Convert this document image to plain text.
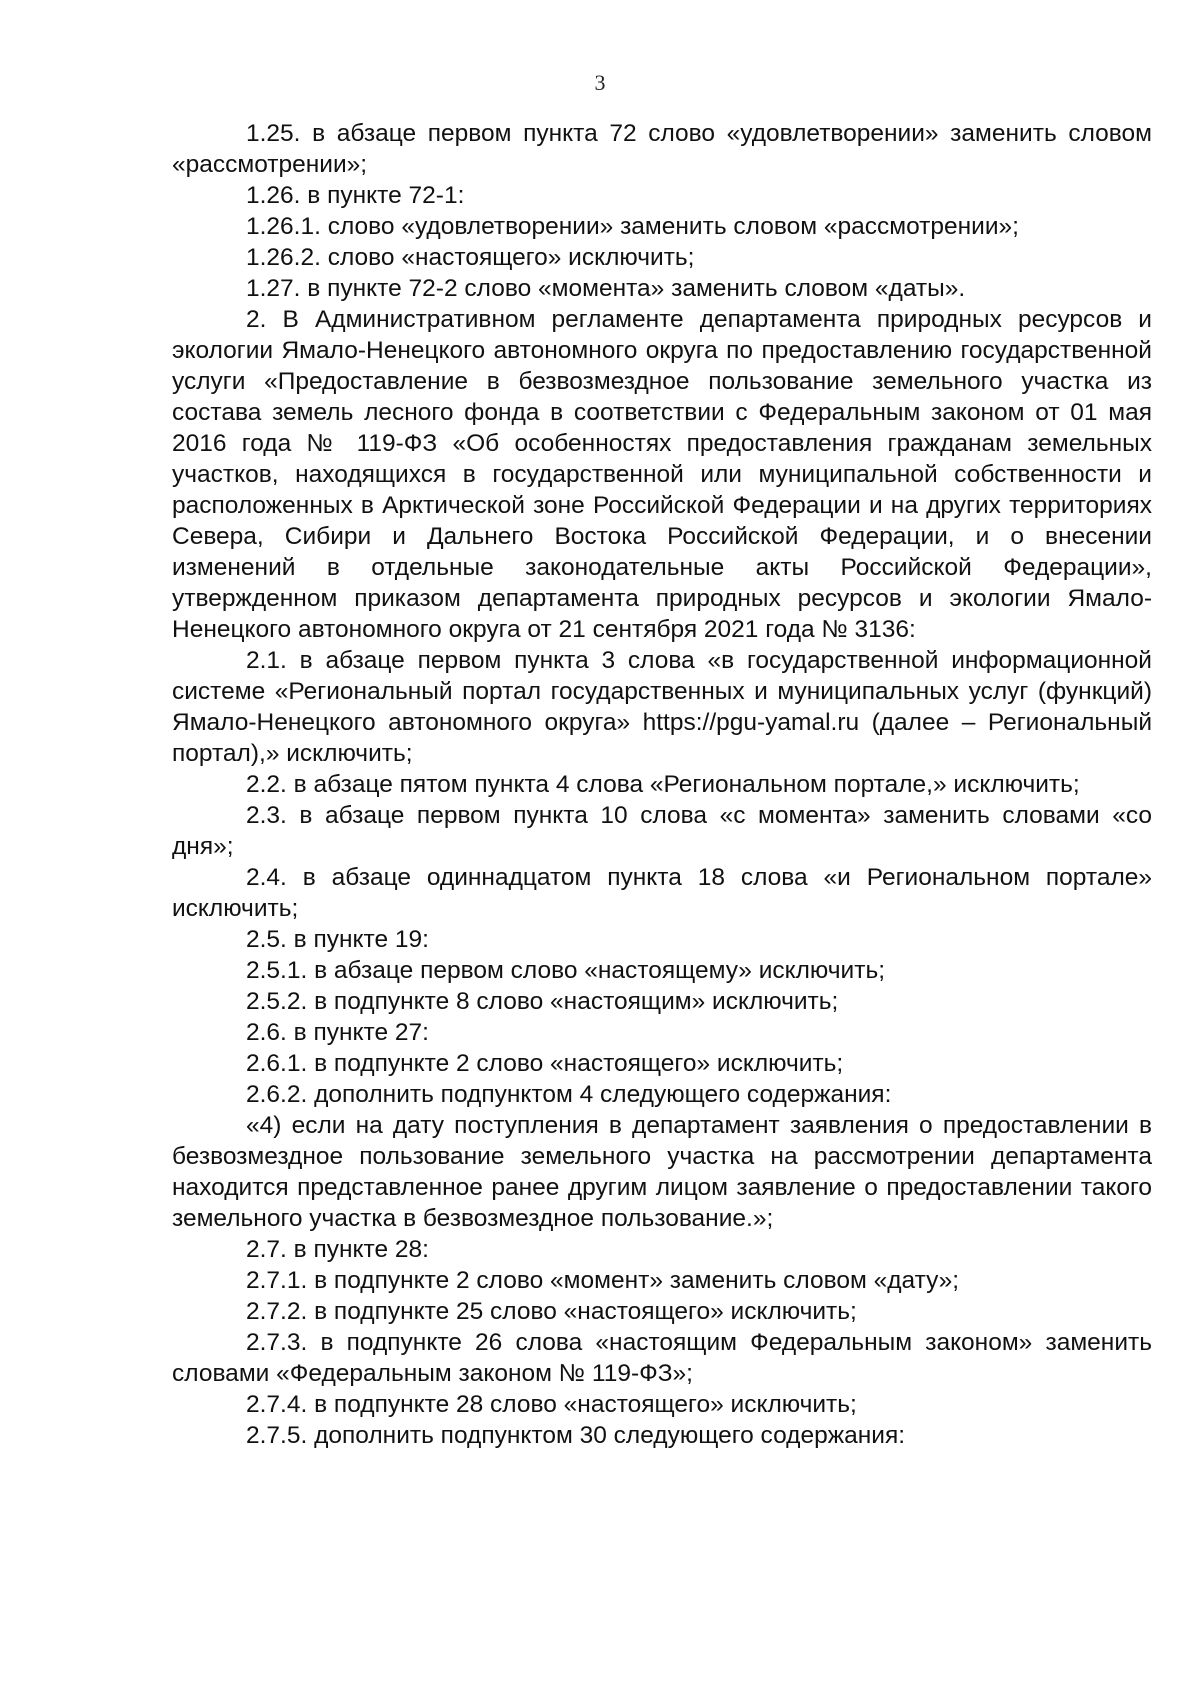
3

1.25. в абзаце первом пункта 72 слово «удовлетворении» заменить словом «рассмотрении»;

1.26. в пункте 72-1:

1.26.1. слово «удовлетворении» заменить словом «рассмотрении»;

1.26.2. слово «настоящего» исключить;

1.27. в пункте 72-2 слово «момента» заменить словом «даты».

2. В Административном регламенте департамента природных ресурсов и экологии Ямало-Ненецкого автономного округа по предоставлению государственной услуги «Предоставление в безвозмездное пользование земельного участка из состава земель лесного фонда в соответствии с Федеральным законом от 01 мая 2016 года № 119-ФЗ «Об особенностях предоставления гражданам земельных участков, находящихся в государственной или муниципальной собственности и расположенных в Арктической зоне Российской Федерации и на других территориях Севера, Сибири и Дальнего Востока Российской Федерации, и о внесении изменений в отдельные законодательные акты Российской Федерации», утвержденном приказом департамента природных ресурсов и экологии Ямало-Ненецкого автономного округа от 21 сентября 2021 года № 3136:

2.1. в абзаце первом пункта 3 слова «в государственной информационной системе «Региональный портал государственных и муниципальных услуг (функций) Ямало-Ненецкого автономного округа» https://pgu-yamal.ru (далее – Региональный портал),» исключить;

2.2. в абзаце пятом пункта 4 слова «Региональном портале,» исключить;

2.3. в абзаце первом пункта 10 слова «с момента» заменить словами «со дня»;

2.4. в абзаце одиннадцатом пункта 18 слова «и Региональном портале» исключить;

2.5. в пункте 19:

2.5.1. в абзаце первом слово «настоящему» исключить;

2.5.2. в подпункте 8 слово «настоящим» исключить;

2.6. в пункте 27:

2.6.1. в подпункте 2 слово «настоящего» исключить;

2.6.2. дополнить подпунктом 4 следующего содержания:

«4) если на дату поступления в департамент заявления о предоставлении в безвозмездное пользование земельного участка на рассмотрении департамента находится представленное ранее другим лицом заявление о предоставлении такого земельного участка в безвозмездное пользование.»;

2.7. в пункте 28:

2.7.1. в подпункте 2 слово «момент» заменить словом «дату»;

2.7.2. в подпункте 25 слово «настоящего» исключить;

2.7.3. в подпункте 26 слова «настоящим Федеральным законом» заменить словами «Федеральным законом № 119-ФЗ»;

2.7.4. в подпункте 28 слово «настоящего» исключить;

2.7.5. дополнить подпунктом 30 следующего содержания:
